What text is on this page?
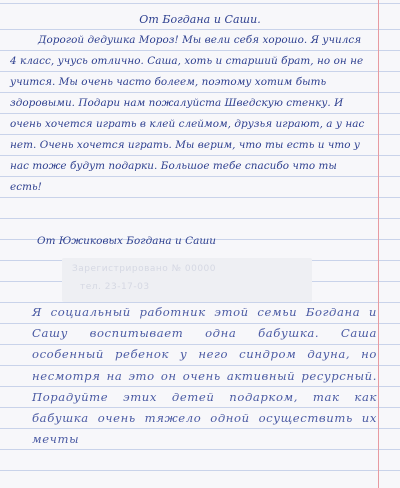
От Богдана и Саши.

Дорогой дедушка Мороз! Мы вели себя хорошо. Я учился 4 класс, учусь отлично. Саша, хоть и старший брат, но он не учится. Мы очень часто болеем, поэтому хотим быть здоровыми. Подари нам пожалуйста Шведскую стенку. И очень хочется играть в клей слеймом, друзья играют, а у нас нет. Очень хочется играть. Мы верим, что ты есть и что у нас тоже будут подарки. Большое тебе спасибо что ты есть!

От Южиковых Богдана и Саши
Зарегистрировано № 00000
тел. 23-17-03

Я социальный работник этой семьи Богдана и Сашу воспитывает одна бабушка. Саша особенный ребенок у него синдром дауна, но несмотря на это он очень активный ресурсный. Порадуйте этих детей подарком, так как бабушка очень тяжело одной осуществить их мечты
